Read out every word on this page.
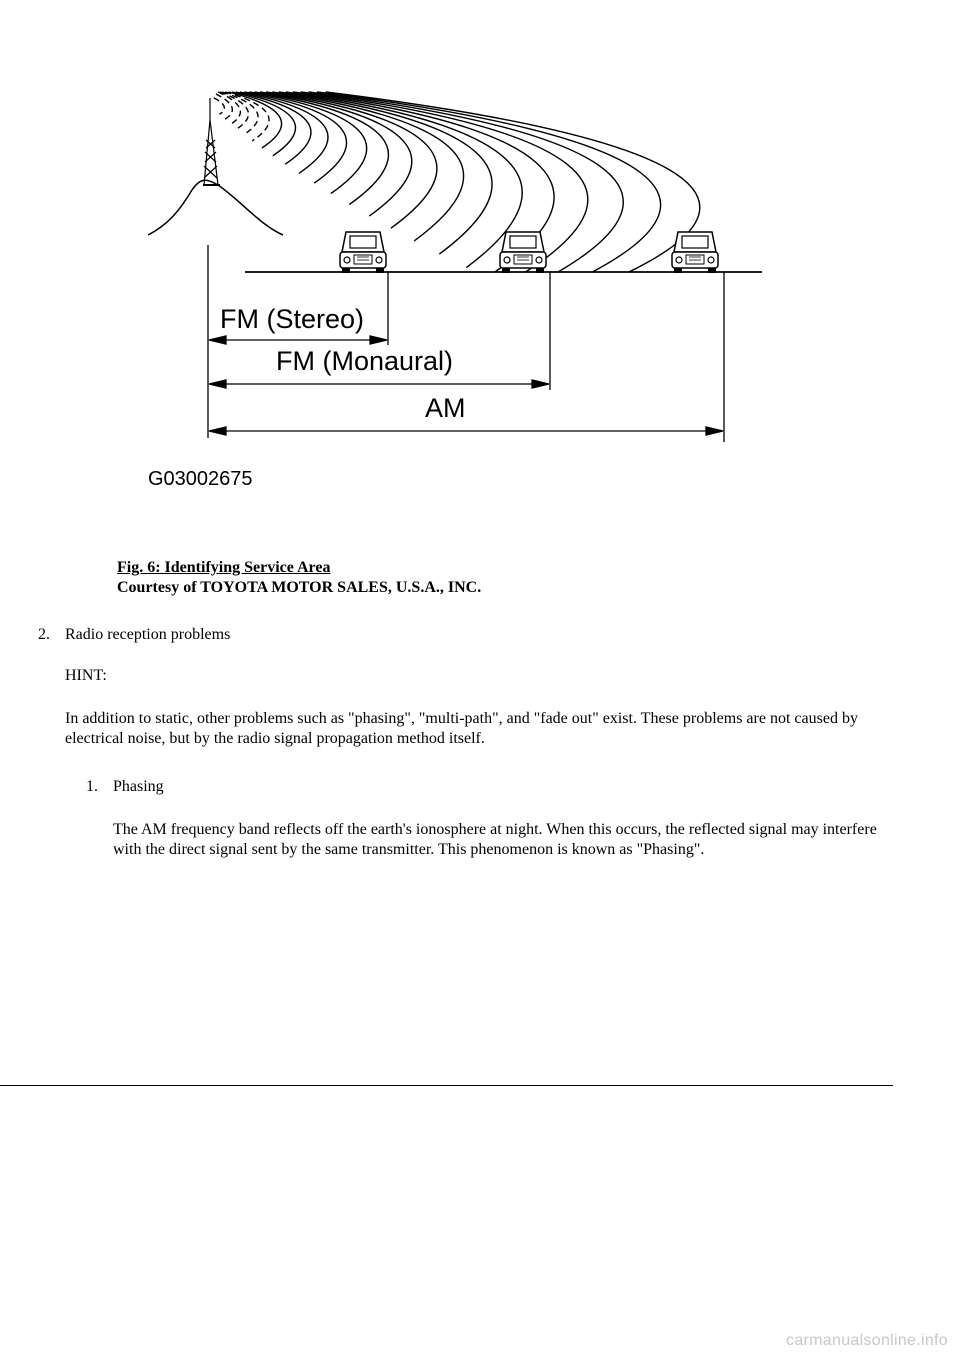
FM (Stereo)
FM (Monaural)
AM
G03002675
Fig. 6: Identifying Service Area
Courtesy of TOYOTA MOTOR SALES, U.S.A., INC.
2. Radio reception problems
HINT:
In addition to static, other problems such as "phasing", "multi-path", and "fade out" exist. These problems are not caused by electrical noise, but by the radio signal propagation method itself.
1. Phasing
The AM frequency band reflects off the earth's ionosphere at night. When this occurs, the reflected signal may interfere with the direct signal sent by the same transmitter. This phenomenon is known as "Phasing".
carmanualsonline.info
